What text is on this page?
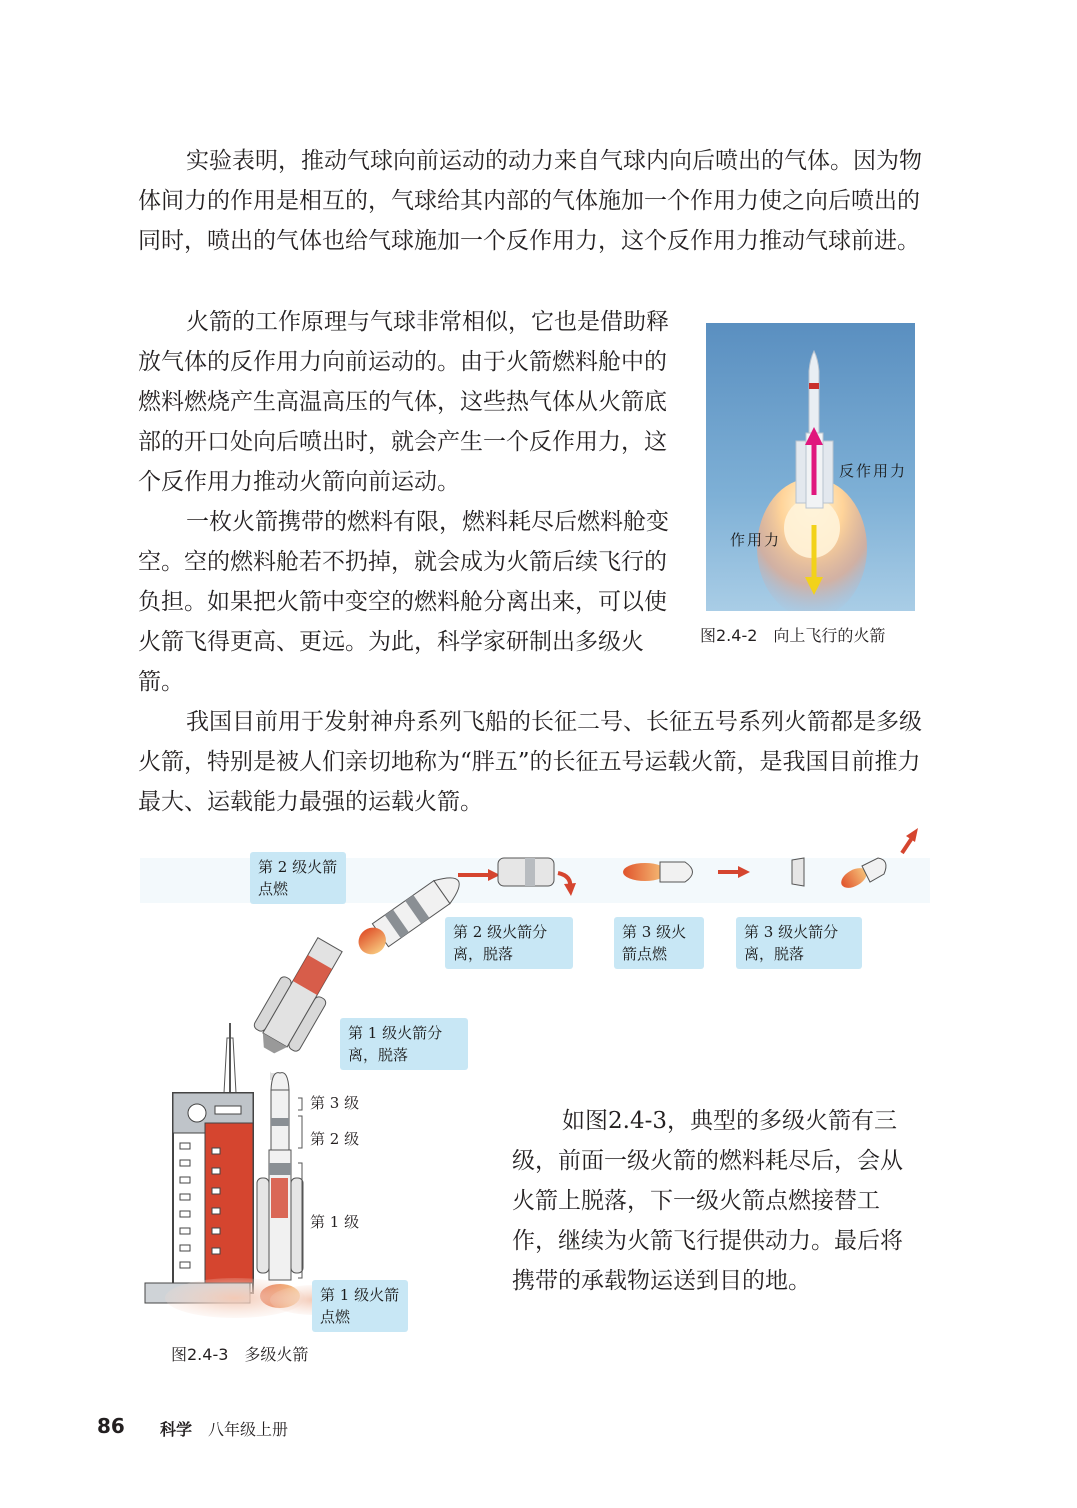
实验表明，推动气球向前运动的动力来自气球内向后喷出的气体。因为物体间力的作用是相互的，气球给其内部的气体施加一个作用力使之向后喷出的同时，喷出的气体也给气球施加一个反作用力，这个反作用力推动气球前进。

火箭的工作原理与气球非常相似，它也是借助释放气体的反作用力向前运动的。由于火箭燃料舱中的燃料燃烧产生高温高压的气体，这些热气体从火箭底部的开口处向后喷出时，就会产生一个反作用力，这个反作用力推动火箭向前运动。

一枚火箭携带的燃料有限，燃料耗尽后燃料舱变空。空的燃料舱若不扔掉，就会成为火箭后续飞行的负担。如果把火箭中变空的燃料舱分离出来，可以使火箭飞得更高、更远。为此，科学家研制出多级火箭。

我国目前用于发射神舟系列飞船的长征二号、长征五号系列火箭都是多级火箭，特别是被人们亲切地称为“胖五”的长征五号运载火箭，是我国目前推力最大、运载能力最强的运载火箭。

反作用力
作用力
图2.4-2　向上飞行的火箭
第 2 级火箭点燃
第 2 级火箭分离，脱落
第 3 级火箭点燃
第 3 级火箭分离，脱落
第 1 级火箭分离，脱落
第 1 级火箭点燃
第 3 级
第 2 级
第 1 级

如图2.4-3，典型的多级火箭有三级，前面一级火箭的燃料耗尽后，会从火箭上脱落，下一级火箭点燃接替工作，继续为火箭飞行提供动力。最后将携带的承载物运送到目的地。

图2.4-3　多级火箭
86 科学 八年级上册
